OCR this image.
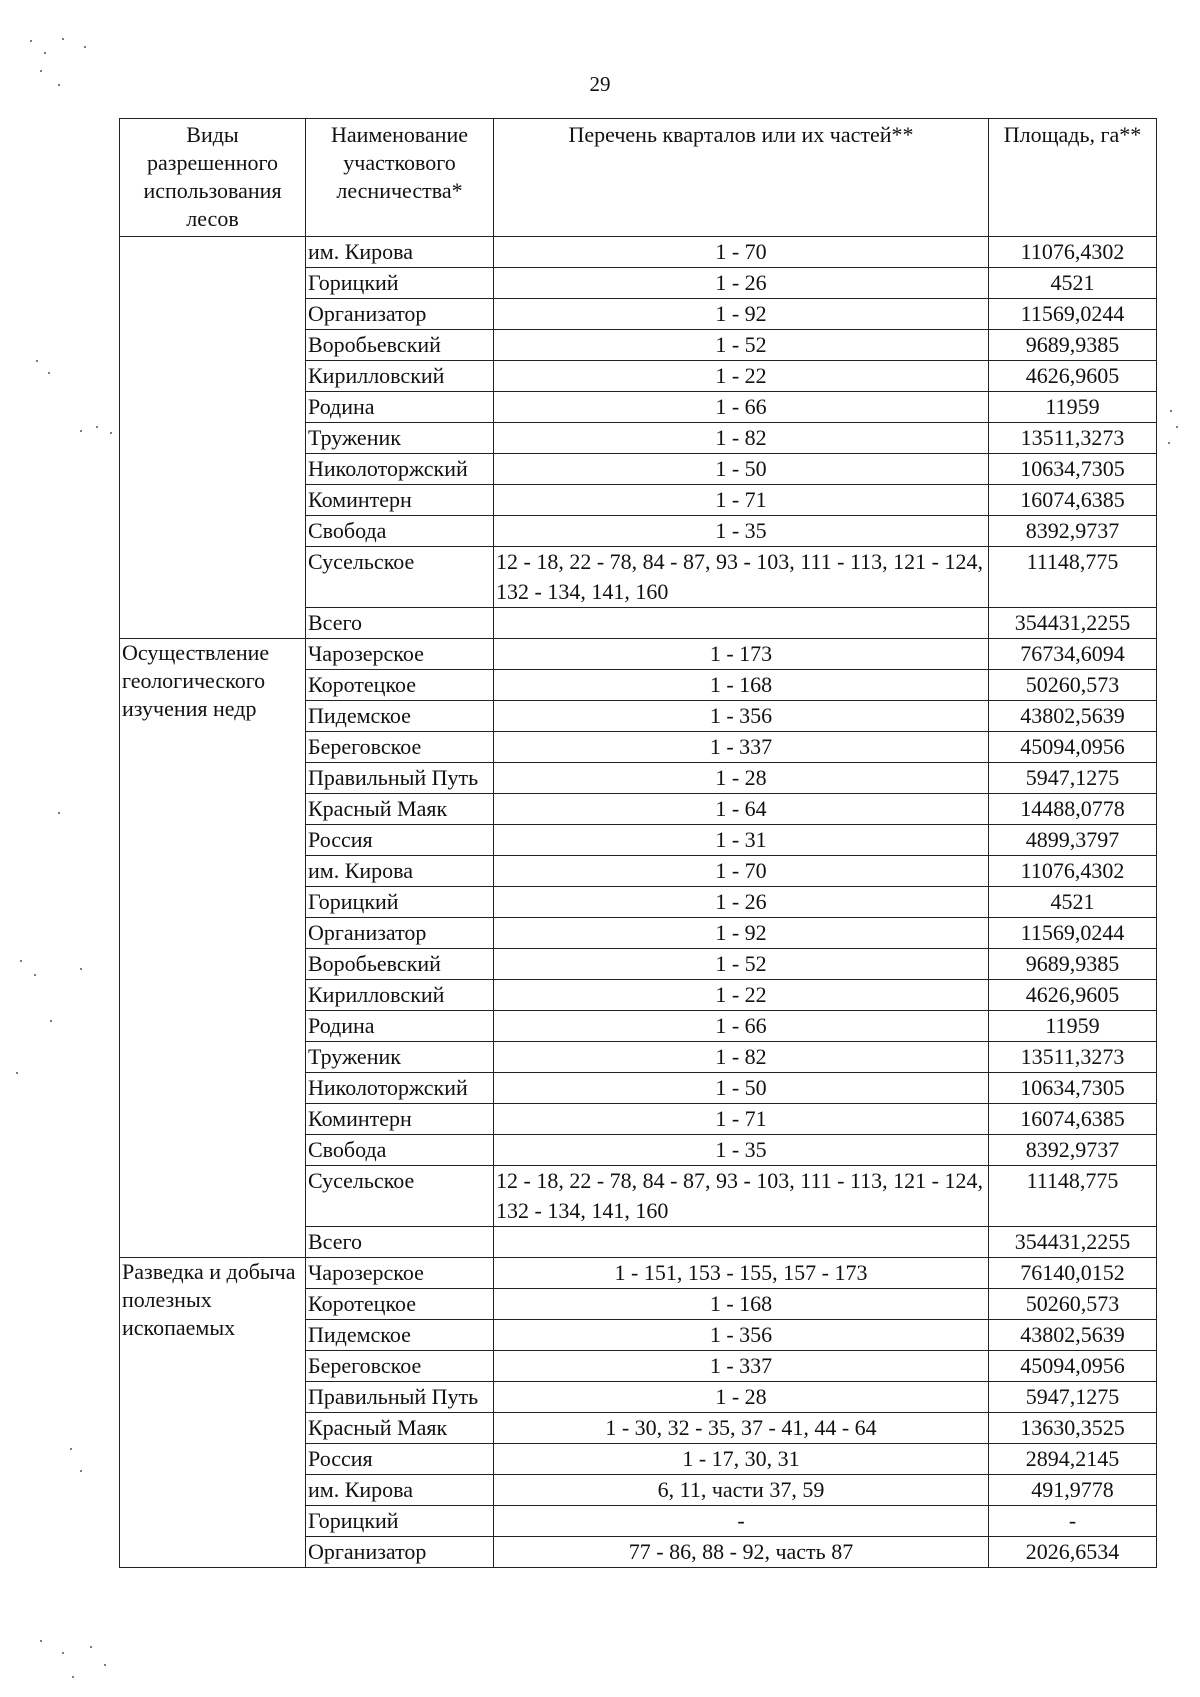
29
Виды разрешенного использования лесов	Наименование участкового лесничества*	Перечень кварталов или их частей**	Площадь, га**
	им. Кирова	1 - 70	11076,4302
	Горицкий	1 - 26	4521
	Организатор	1 - 92	11569,0244
	Воробьевский	1 - 52	9689,9385
	Кирилловский	1 - 22	4626,9605
	Родина	1 - 66	11959
	Труженик	1 - 82	13511,3273
	Николоторжский	1 - 50	10634,7305
	Коминтерн	1 - 71	16074,6385
	Свобода	1 - 35	8392,9737
	Сусельское	12 - 18, 22 - 78, 84 - 87, 93 - 103, 111 - 113, 121 - 124, 132 - 134, 141, 160	11148,775
	Всего		354431,2255
Осуществление геологического изучения недр	Чарозерское	1 - 173	76734,6094
	Коротецкое	1 - 168	50260,573
	Пидемское	1 - 356	43802,5639
	Береговское	1 - 337	45094,0956
	Правильный Путь	1 - 28	5947,1275
	Красный Маяк	1 - 64	14488,0778
	Россия	1 - 31	4899,3797
	им. Кирова	1 - 70	11076,4302
	Горицкий	1 - 26	4521
	Организатор	1 - 92	11569,0244
	Воробьевский	1 - 52	9689,9385
	Кирилловский	1 - 22	4626,9605
	Родина	1 - 66	11959
	Труженик	1 - 82	13511,3273
	Николоторжский	1 - 50	10634,7305
	Коминтерн	1 - 71	16074,6385
	Свобода	1 - 35	8392,9737
	Сусельское	12 - 18, 22 - 78, 84 - 87, 93 - 103, 111 - 113, 121 - 124, 132 - 134, 141, 160	11148,775
	Всего		354431,2255
Разведка и добыча полезных ископаемых	Чарозерское	1 - 151, 153 - 155, 157 - 173	76140,0152
	Коротецкое	1 - 168	50260,573
	Пидемское	1 - 356	43802,5639
	Береговское	1 - 337	45094,0956
	Правильный Путь	1 - 28	5947,1275
	Красный Маяк	1 - 30, 32 - 35, 37 - 41, 44 - 64	13630,3525
	Россия	1 - 17, 30, 31	2894,2145
	им. Кирова	6, 11, части 37, 59	491,9778
	Горицкий	-	-
	Организатор	77 - 86, 88 - 92, часть 87	2026,6534
